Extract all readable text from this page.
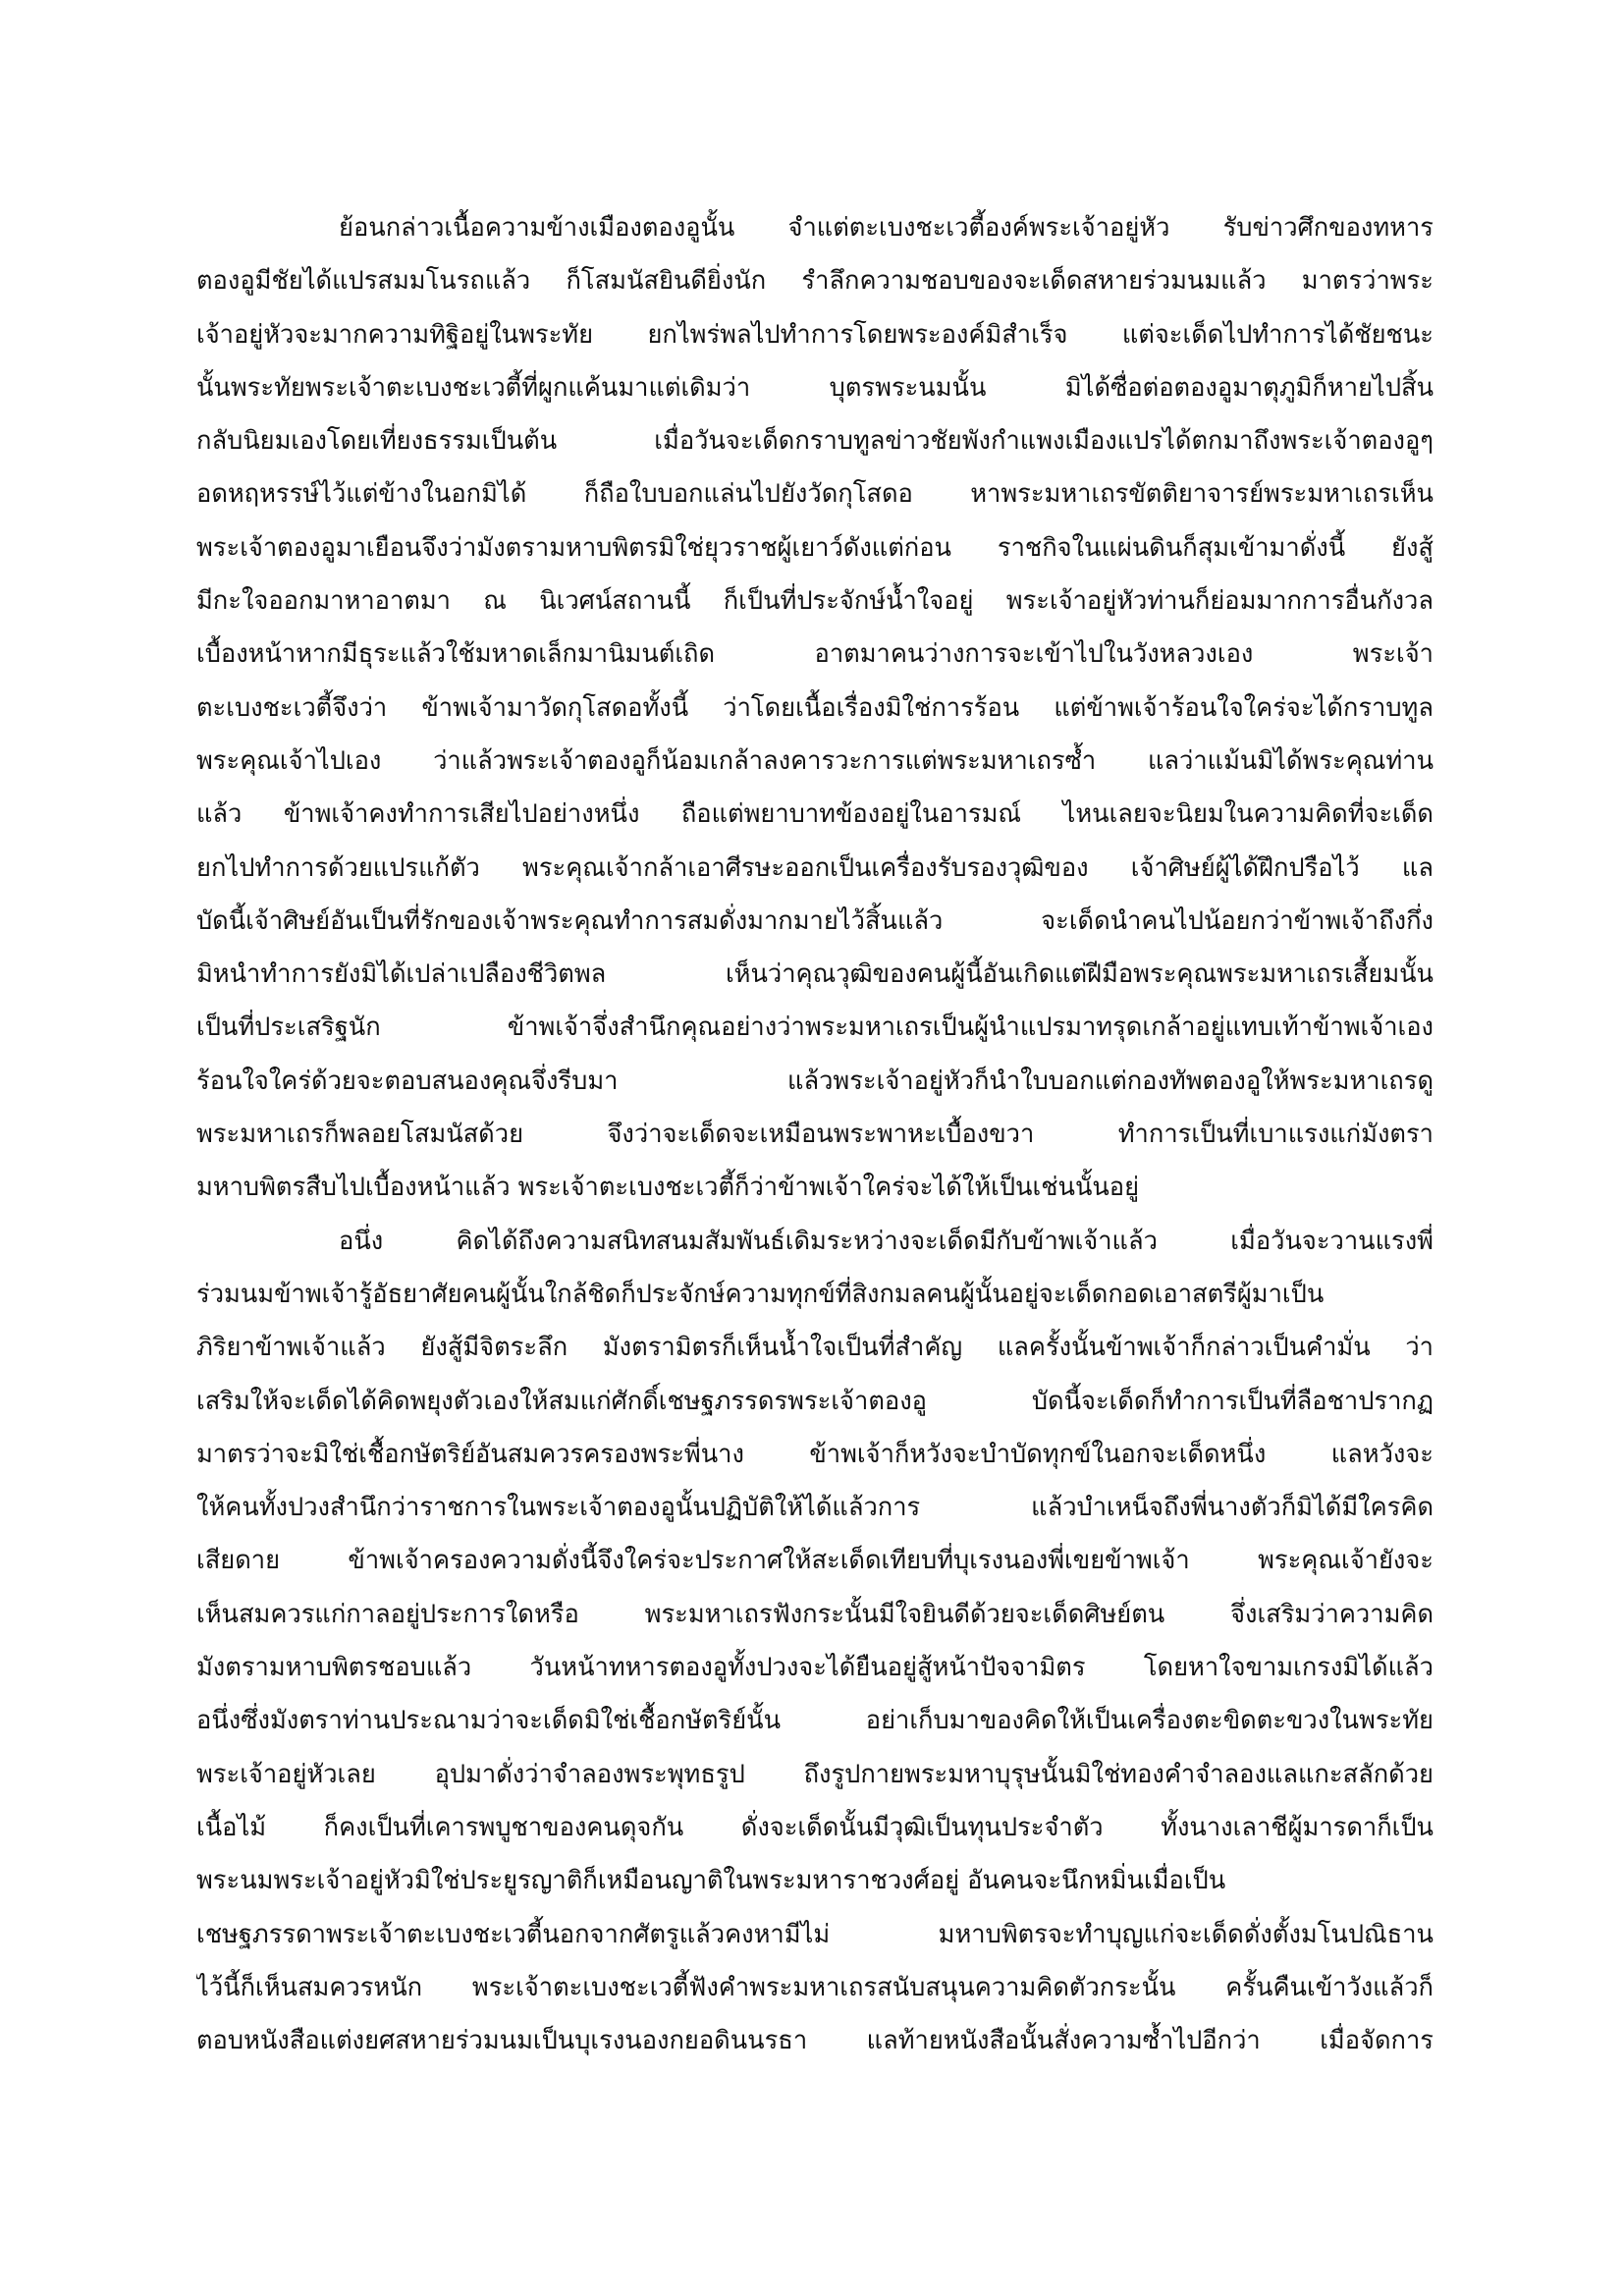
ย้อนกล่าวเนื้อความข้างเมืองตองอูนั้น จำแต่ตะเบงชะเวตี้องค์พระเจ้าอยู่หัว รับข่าวศึกของทหาร
ตองอูมีชัยได้แปรสมมโนรถแล้ว ก็โสมนัสยินดียิ่งนัก รำลึกความชอบของจะเด็ดสหายร่วมนมแล้ว มาตรว่าพระ
เจ้าอยู่หัวจะมากความทิฐิอยู่ในพระทัย ยกไพร่พลไปทำการโดยพระองค์มิสำเร็จ แต่จะเด็ดไปทำการได้ชัยชนะ
นั้นพระทัยพระเจ้าตะเบงชะเวตี้ที่ผูกแค้นมาแต่เดิมว่า บุตรพระนมนั้น มิได้ซื่อต่อตองอูมาตุภูมิก็หายไปสิ้น
กลับนิยมเองโดยเที่ยงธรรมเป็นต้น เมื่อวันจะเด็ดกราบทูลข่าวชัยพังกำแพงเมืองแปรได้ตกมาถึงพระเจ้าตองอูๆ
อดหฤหรรษ์ไว้แต่ข้างในอกมิได้ ก็ถือใบบอกแล่นไปยังวัดกุโสดอ หาพระมหาเถรขัตติยาจารย์พระมหาเถรเห็น
พระเจ้าตองอูมาเยือนจึงว่ามังตรามหาบพิตรมิใช่ยุวราชผู้เยาว์ดังแต่ก่อน ราชกิจในแผ่นดินก็สุมเข้ามาดั่งนี้ ยังสู้
มีกะใจออกมาหาอาตมา ณ นิเวศน์สถานนี้ ก็เป็นที่ประจักษ์น้ำใจอยู่ พระเจ้าอยู่หัวท่านก็ย่อมมากการอื่นกังวล
เบื้องหน้าหากมีธุระแล้วใช้มหาดเล็กมานิมนต์เถิด อาตมาคนว่างการจะเข้าไปในวังหลวงเอง พระเจ้า
ตะเบงชะเวตี้จึงว่า ข้าพเจ้ามาวัดกุโสดอทั้งนี้ ว่าโดยเนื้อเรื่องมิใช่การร้อน แต่ข้าพเจ้าร้อนใจใคร่จะได้กราบทูล
พระคุณเจ้าไปเอง ว่าแล้วพระเจ้าตองอูก็น้อมเกล้าลงคารวะการแต่พระมหาเถรซ้ำ แลว่าแม้นมิได้พระคุณท่าน
แล้ว ข้าพเจ้าคงทำการเสียไปอย่างหนึ่ง ถือแต่พยาบาทข้องอยู่ในอารมณ์ ไหนเลยจะนิยมในความคิดที่จะเด็ด
ยกไปทำการด้วยแปรแก้ตัว พระคุณเจ้ากล้าเอาศีรษะออกเป็นเครื่องรับรองวุฒิของ เจ้าศิษย์ผู้ได้ฝึกปรือไว้ แล
บัดนี้เจ้าศิษย์อันเป็นที่รักของเจ้าพระคุณทำการสมดั่งมากมายไว้สิ้นแล้ว จะเด็ดนำคนไปน้อยกว่าข้าพเจ้าถึงกึ่ง
มิหนำทำการยังมิได้เปล่าเปลืองชีวิตพล เห็นว่าคุณวุฒิของคนผู้นี้อันเกิดแต่ฝีมือพระคุณพระมหาเถรเสี้ยมนั้น
เป็นที่ประเสริฐนัก ข้าพเจ้าจึ่งสำนึกคุณอย่างว่าพระมหาเถรเป็นผู้นำแปรมาทรุดเกล้าอยู่แทบเท้าข้าพเจ้าเอง
ร้อนใจใคร่ด้วยจะตอบสนองคุณจึ่งรีบมา แล้วพระเจ้าอยู่หัวก็นำใบบอกแต่กองทัพตองอูให้พระมหาเถรดู
พระมหาเถรก็พลอยโสมนัสด้วย จึงว่าจะเด็ดจะเหมือนพระพาหะเบื้องขวา ทำการเป็นที่เบาแรงแก่มังตรา
มหาบพิตรสืบไปเบื้องหน้าแล้ว พระเจ้าตะเบงชะเวตี้ก็ว่าข้าพเจ้าใคร่จะได้ให้เป็นเช่นนั้นอยู่
อนึ่ง คิดได้ถึงความสนิทสนมสัมพันธ์เดิมระหว่างจะเด็ดมีกับข้าพเจ้าแล้ว เมื่อวันจะวานแรงพี่
ร่วมนมข้าพเจ้ารู้อัธยาศัยคนผู้นั้นใกล้ชิดก็ประจักษ์ความทุกข์ที่สิงกมลคนผู้นั้นอยู่จะเด็ดกอดเอาสตรีผู้มาเป็น
ภิริยาข้าพเจ้าแล้ว ยังสู้มีจิตระลึก มังตรามิตรก็เห็นน้ำใจเป็นที่สำคัญ แลครั้งนั้นข้าพเจ้าก็กล่าวเป็นคำมั่น ว่า
เสริมให้จะเด็ดได้คิดพยุงตัวเองให้สมแก่ศักดิ์เชษฐภรรดรพระเจ้าตองอู บัดนี้จะเด็ดก็ทำการเป็นที่ลือชาปรากฏ
มาตรว่าจะมิใช่เชื้อกษัตริย์อันสมควรครองพระพี่นาง ข้าพเจ้าก็หวังจะบำบัดทุกข์ในอกจะเด็ดหนึ่ง แลหวังจะ
ให้คนทั้งปวงสำนึกว่าราชการในพระเจ้าตองอูนั้นปฏิบัติให้ได้แล้วการ แล้วบำเหน็จถึงพี่นางตัวก็มิได้มีใครคิด
เสียดาย ข้าพเจ้าครองความดั่งนี้จึงใคร่จะประกาศให้สะเด็ดเทียบที่บุเรงนองพี่เขยข้าพเจ้า พระคุณเจ้ายังจะ
เห็นสมควรแก่กาลอยู่ประการใดหรือ พระมหาเถรฟังกระนั้นมีใจยินดีด้วยจะเด็ดศิษย์ตน จึ่งเสริมว่าความคิด
มังตรามหาบพิตรชอบแล้ว วันหน้าทหารตองอูทั้งปวงจะได้ยืนอยู่สู้หน้าปัจจามิตร โดยหาใจขามเกรงมิได้แล้ว
อนึ่งซึ่งมังตราท่านประณามว่าจะเด็ดมิใช่เชื้อกษัตริย์นั้น อย่าเก็บมาของคิดให้เป็นเครื่องตะขิดตะขวงในพระทัย
พระเจ้าอยู่หัวเลย อุปมาดั่งว่าจำลองพระพุทธรูป ถึงรูปกายพระมหาบุรุษนั้นมิใช่ทองคำจำลองแลแกะสลักด้วย
เนื้อไม้ ก็คงเป็นที่เคารพบูชาของคนดุจกัน ดั่งจะเด็ดนั้นมีวุฒิเป็นทุนประจำตัว ทั้งนางเลาชีผู้มารดาก็เป็น
พระนมพระเจ้าอยู่หัวมิใช่ประยูรญาติก็เหมือนญาติในพระมหาราชวงศ์อยู่ อันคนจะนึกหมิ่นเมื่อเป็น
เชษฐภรรดาพระเจ้าตะเบงชะเวตี้นอกจากศัตรูแล้วคงหามีไม่ มหาบพิตรจะทำบุญแก่จะเด็ดดั่งตั้งมโนปณิธาน
ไว้นี้ก็เห็นสมควรหนัก พระเจ้าตะเบงชะเวตี้ฟังคำพระมหาเถรสนับสนุนความคิดตัวกระนั้น ครั้นคืนเข้าวังแล้วก็
ตอบหนังสือแต่งยศสหายร่วมนมเป็นบุเรงนองกยอดินนรธา แลท้ายหนังสือนั้นสั่งความซ้ำไปอีกว่า เมื่อจัดการ
